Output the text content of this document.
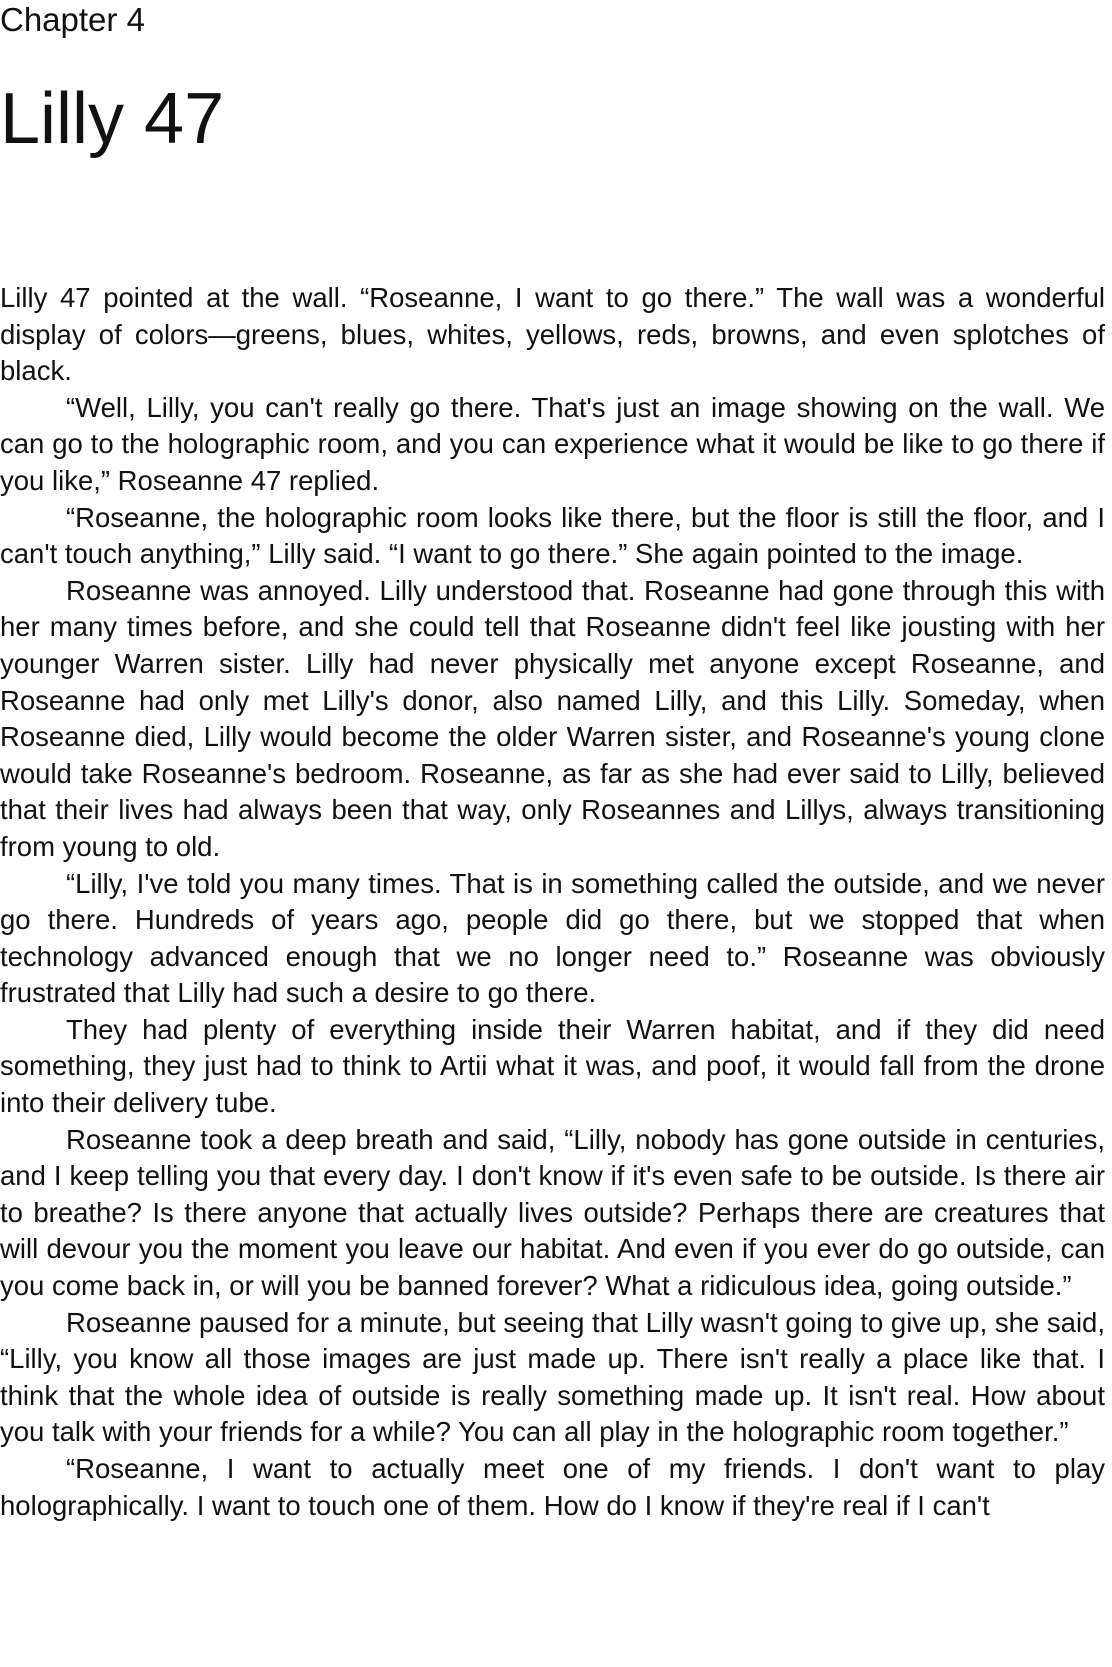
Chapter 4
Lilly 47

Lilly 47 pointed at the wall. “Roseanne, I want to go there.” The wall was a wonderful display of colors—greens, blues, whites, yellows, reds, browns, and even splotches of black.

“Well, Lilly, you can't really go there. That's just an image showing on the wall. We can go to the holographic room, and you can experience what it would be like to go there if you like,” Roseanne 47 replied.

“Roseanne, the holographic room looks like there, but the floor is still the floor, and I can't touch anything,” Lilly said. “I want to go there.” She again pointed to the image.

Roseanne was annoyed. Lilly understood that. Roseanne had gone through this with her many times before, and she could tell that Roseanne didn't feel like jousting with her younger Warren sister. Lilly had never physically met anyone except Roseanne, and Roseanne had only met Lilly's donor, also named Lilly, and this Lilly. Someday, when Roseanne died, Lilly would become the older Warren sister, and Roseanne's young clone would take Roseanne's bedroom. Roseanne, as far as she had ever said to Lilly, believed that their lives had always been that way, only Roseannes and Lillys, always transitioning from young to old.

“Lilly, I've told you many times. That is in something called the outside, and we never go there. Hundreds of years ago, people did go there, but we stopped that when technology advanced enough that we no longer need to.” Roseanne was obviously frustrated that Lilly had such a desire to go there.

They had plenty of everything inside their Warren habitat, and if they did need something, they just had to think to Artii what it was, and poof, it would fall from the drone into their delivery tube.

Roseanne took a deep breath and said, “Lilly, nobody has gone outside in centuries, and I keep telling you that every day. I don't know if it's even safe to be outside. Is there air to breathe? Is there anyone that actually lives outside? Perhaps there are creatures that will devour you the moment you leave our habitat. And even if you ever do go outside, can you come back in, or will you be banned forever? What a ridiculous idea, going outside.”

Roseanne paused for a minute, but seeing that Lilly wasn't going to give up, she said, “Lilly, you know all those images are just made up. There isn't really a place like that. I think that the whole idea of outside is really something made up. It isn't real. How about you talk with your friends for a while? You can all play in the holographic room together.”

“Roseanne, I want to actually meet one of my friends. I don't want to play holographically. I want to touch one of them. How do I know if they're real if I can't
